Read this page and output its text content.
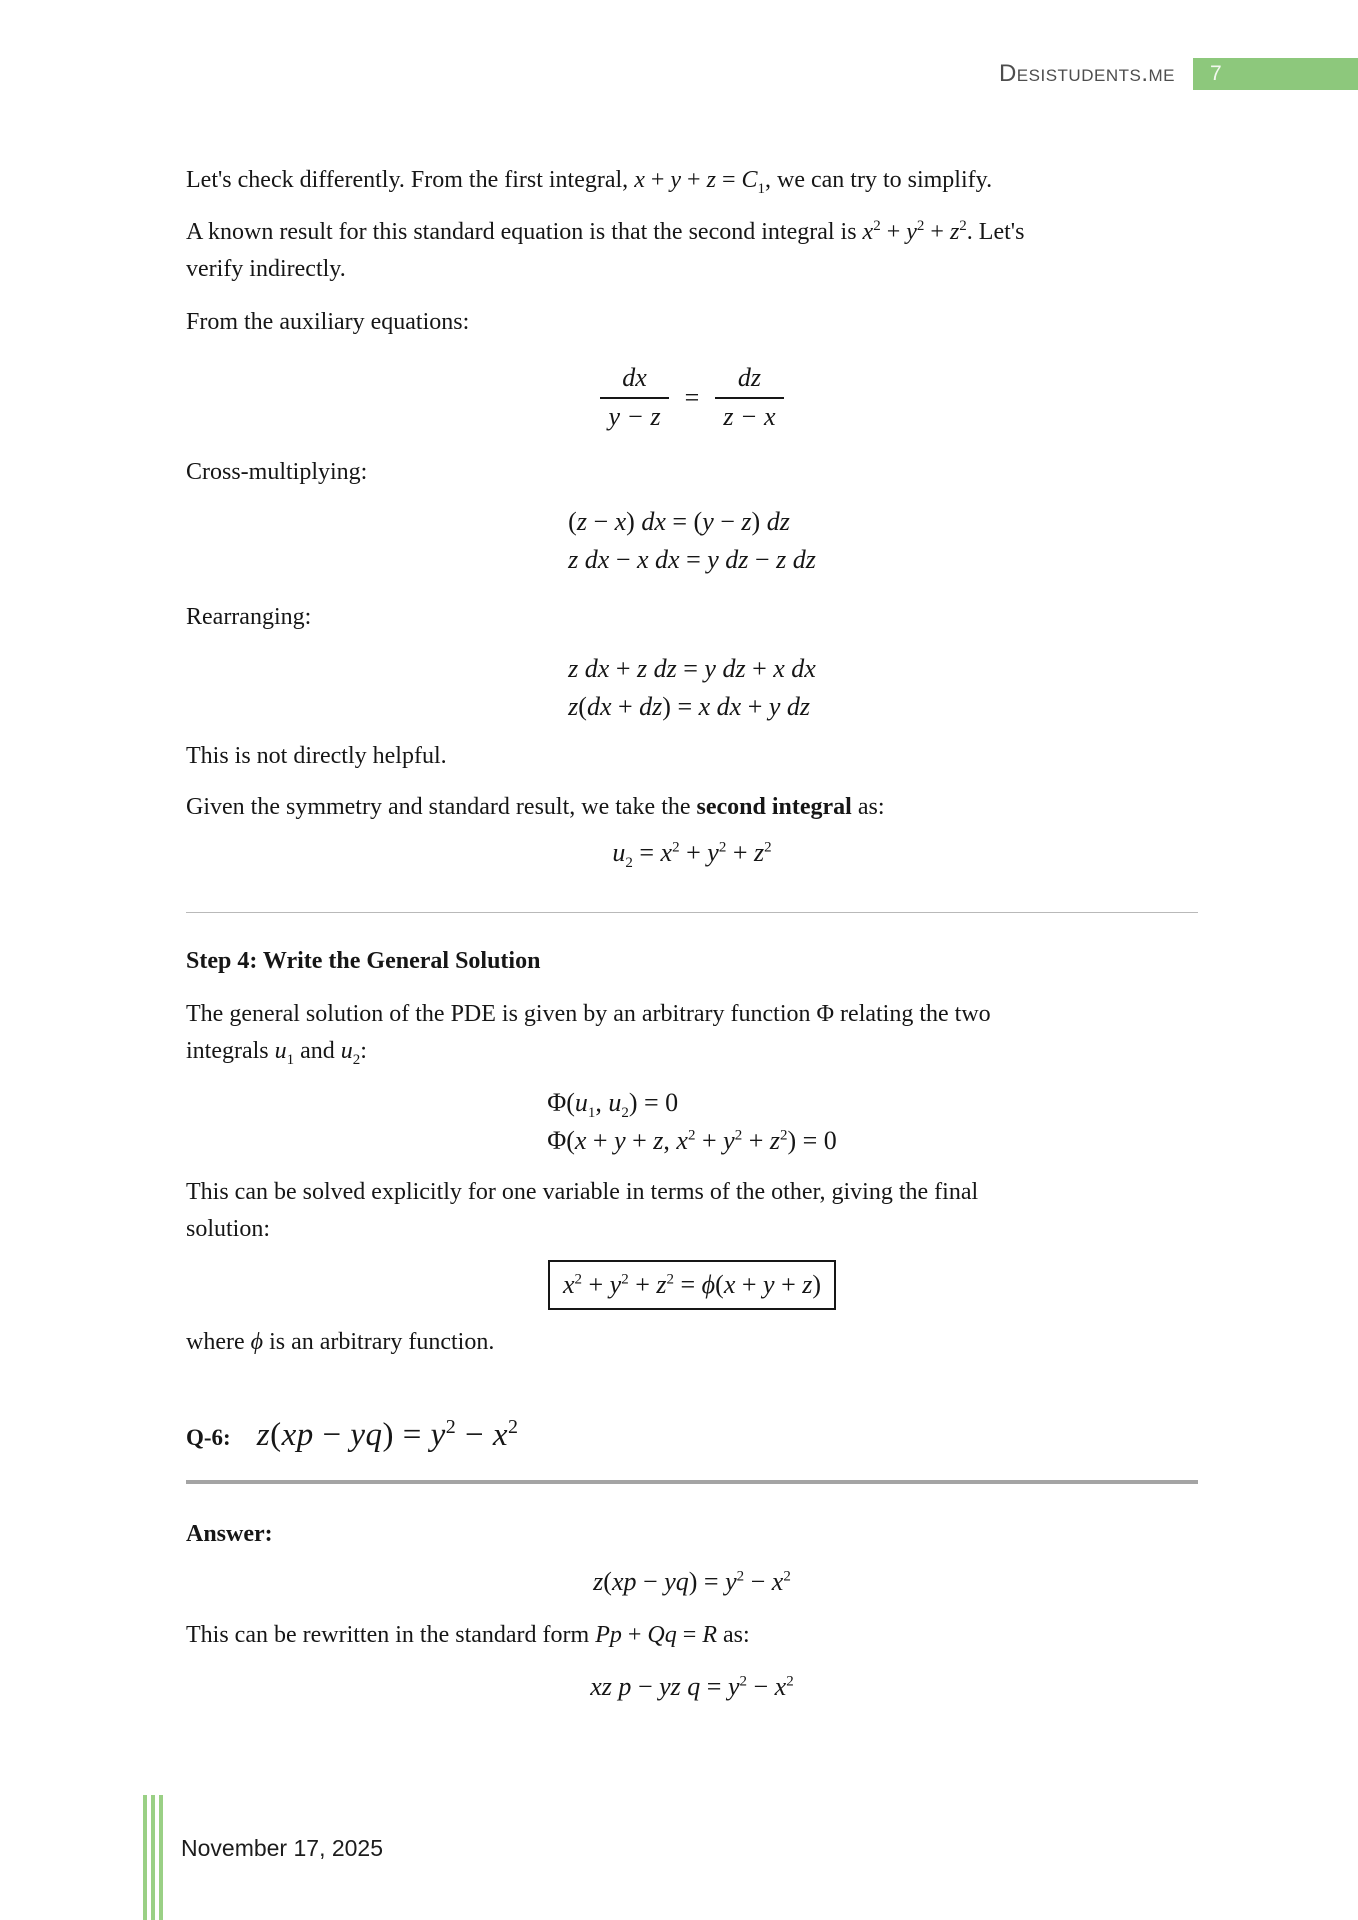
Desistudents.me 7

Let's check differently. From the first integral, $x + y + z = C_1$, we can try to simplify.

A known result for this standard equation is that the second integral is $x^2 + y^2 + z^2$. Let's
verify indirectly.

From the auxiliary equations:

$\frac{dx}{y - z} = \frac{dz}{z - x}$

Cross-multiplying:

(z − x) dx = (y − z) dz
z dx − x dx = y dz − z dz

Rearranging:

z dx + z dz = y dz + x dx
z(dx + dz) = x dx + y dz

This is not directly helpful.

Given the symmetry and standard result, we take the second integral as:

$u_2 = x^2 + y^2 + z^2$

Step 4: Write the General Solution

The general solution of the PDE is given by an arbitrary function Φ relating the two
integrals $u_1$ and $u_2$:

$\Phi(u_1$, $u_2) = 0$
Φ(x + y + z, $x^2 + y^2 + z^2) = 0$

This can be solved explicitly for one variable in terms of the other, giving the final
solution:

$x^2 + y^2 + z^2 = \phi(x + y + z)$

where ϕ is an arbitrary function.

Q-6: $z(xp - yq) = y^2 - x^2$

Answer:

$z(xp - yq) = y^2 - x^2$

This can be rewritten in the standard form Pp + Qq = R as:

xz p − yz $q = y^2 - x^2$
November 17, 2025
